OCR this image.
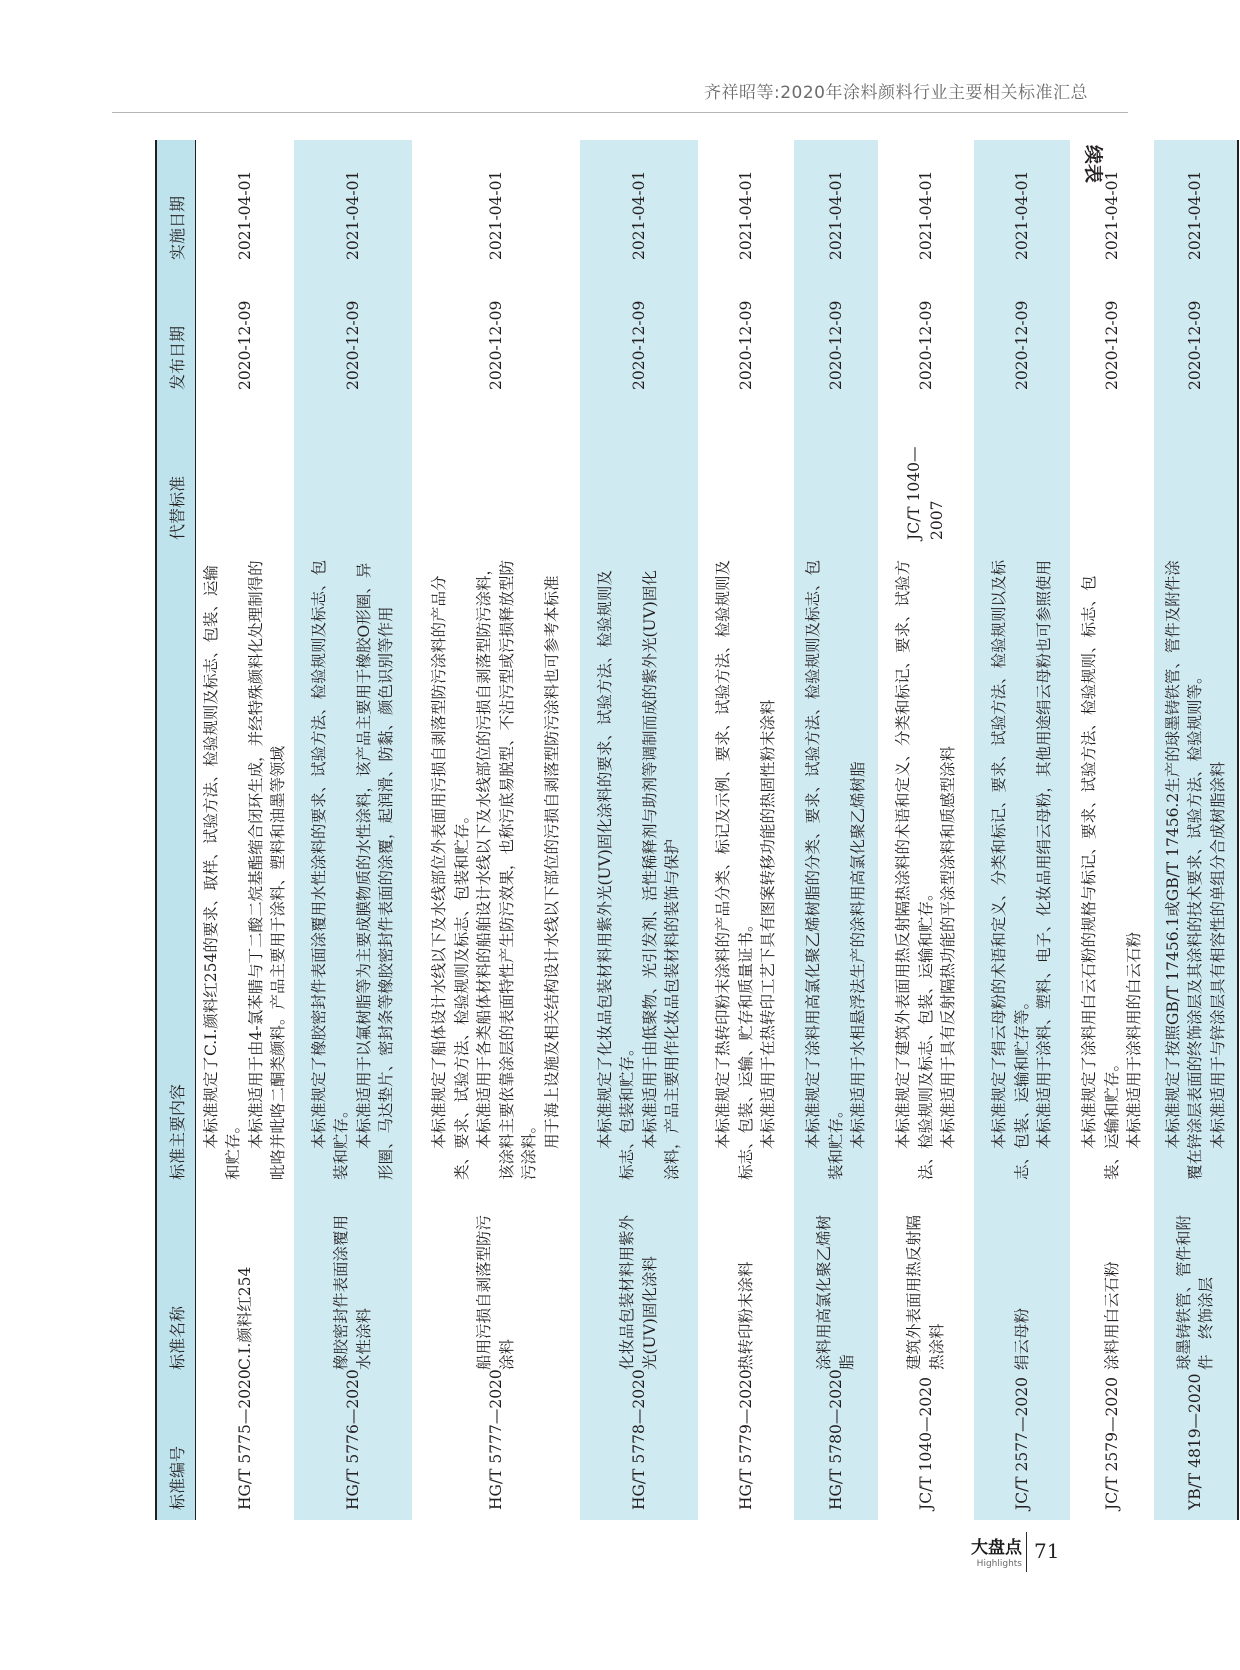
齐祥昭等:2020年涂料颜料行业主要相关标准汇总
续表
标准编号	标准名称	标准主要内容	代替标准	发布日期	实施日期
HG/T 5775—2020	C.I.颜料红254	本标准规定了C.I.颜料红254的要求、取样、试验方法、检验规则及标志、包装、运输和贮存。 本标准适用于由4-氯苯腈与丁二酸二烷基酯缩合闭环生成，并经特殊颜料化处理制得的吡咯并吡咯二酮类颜料。产品主要用于涂料、塑料和油墨等领域		2020-12-09	2021-04-01
HG/T 5776—2020	橡胶密封件表面涂覆用水性涂料	本标准规定了橡胶密封件表面涂覆用水性涂料的要求、试验方法、检验规则及标志、包装和贮存。 本标准适用于以氟树脂等为主要成膜物质的水性涂料，该产品主要用于橡胶O形圈、异形圈、马达垫片、密封条等橡胶密封件表面的涂覆，起润滑、防黏、颜色识别等作用		2020-12-09	2021-04-01
HG/T 5777—2020	船用污损自剥落型防污涂料	本标准规定了船体设计水线以下及水线部位外表面用污损自剥落型防污涂料的产品分类、要求、试验方法、检验规则及标志、包装和贮存。 本标准适用于各类船体材料的船舶设计水线以下及水线部位的污损自剥落型防污涂料，该涂料主要依靠涂层的表面特性产生防污效果，也称污底易脱型、不沾污型或污损释放型防污涂料。 用于海上设施及相关结构设计水线以下部位的污损自剥落型防污涂料也可参考本标准		2020-12-09	2021-04-01
HG/T 5778—2020	化妆品包装材料用紫外光(UV)固化涂料	本标准规定了化妆品包装材料用紫外光(UV)固化涂料的要求、试验方法、检验规则及标志、包装和贮存。 本标准适用于由低聚物、光引发剂、活性稀释剂与助剂等调制而成的紫外光(UV)固化涂料，产品主要用作化妆品包装材料的装饰与保护		2020-12-09	2021-04-01
HG/T 5779—2020	热转印粉末涂料	本标准规定了热转印粉末涂料的产品分类、标记及示例、要求、试验方法、检验规则及标志、包装、运输、贮存和质量证书。 本标准适用于在热转印工艺下具有图案转移功能的热固性粉末涂料		2020-12-09	2021-04-01
HG/T 5780—2020	涂料用高氯化聚乙烯树脂	本标准规定了涂料用高氯化聚乙烯树脂的分类、要求、试验方法、检验规则及标志、包装和贮存。 本标准适用于水相悬浮法生产的涂料用高氯化聚乙烯树脂		2020-12-09	2021-04-01
JC/T 1040—2020	建筑外表面用热反射隔热涂料	本标准规定了建筑外表面用热反射隔热涂料的术语和定义、分类和标记、要求、试验方法、检验规则及标志、包装、运输和贮存。 本标准适用于具有反射隔热功能的平涂型涂料和质感型涂料	JC/T 1040—2007	2020-12-09	2021-04-01
JC/T 2577—2020	绢云母粉	本标准规定了绢云母粉的术语和定义、分类和标记、要求、试验方法、检验规则以及标志、包装、运输和贮存等。 本标准适用于涂料、塑料、电子、化妆品用绢云母粉，其他用途绢云母粉也可参照使用		2020-12-09	2021-04-01
JC/T 2579—2020	涂料用白云石粉	本标准规定了涂料用白云石粉的规格与标记、要求、试验方法、检验规则、标志、包装、运输和贮存。 本标准适用于涂料用的白云石粉		2020-12-09	2021-04-01
YB/T 4819—2020	球墨铸铁管、管件和附件　终饰涂层	本标准规定了按照GB/T 17456.1或GB/T 17456.2生产的球墨铸铁管、管件及附件涂覆在锌涂层表面的终饰涂层及其涂料的技术要求、试验方法、检验规则等。 本标准适用于与锌涂层具有相容性的单组分合成树脂涂料		2020-12-09	2021-04-01
大盘点
Highlights
71
